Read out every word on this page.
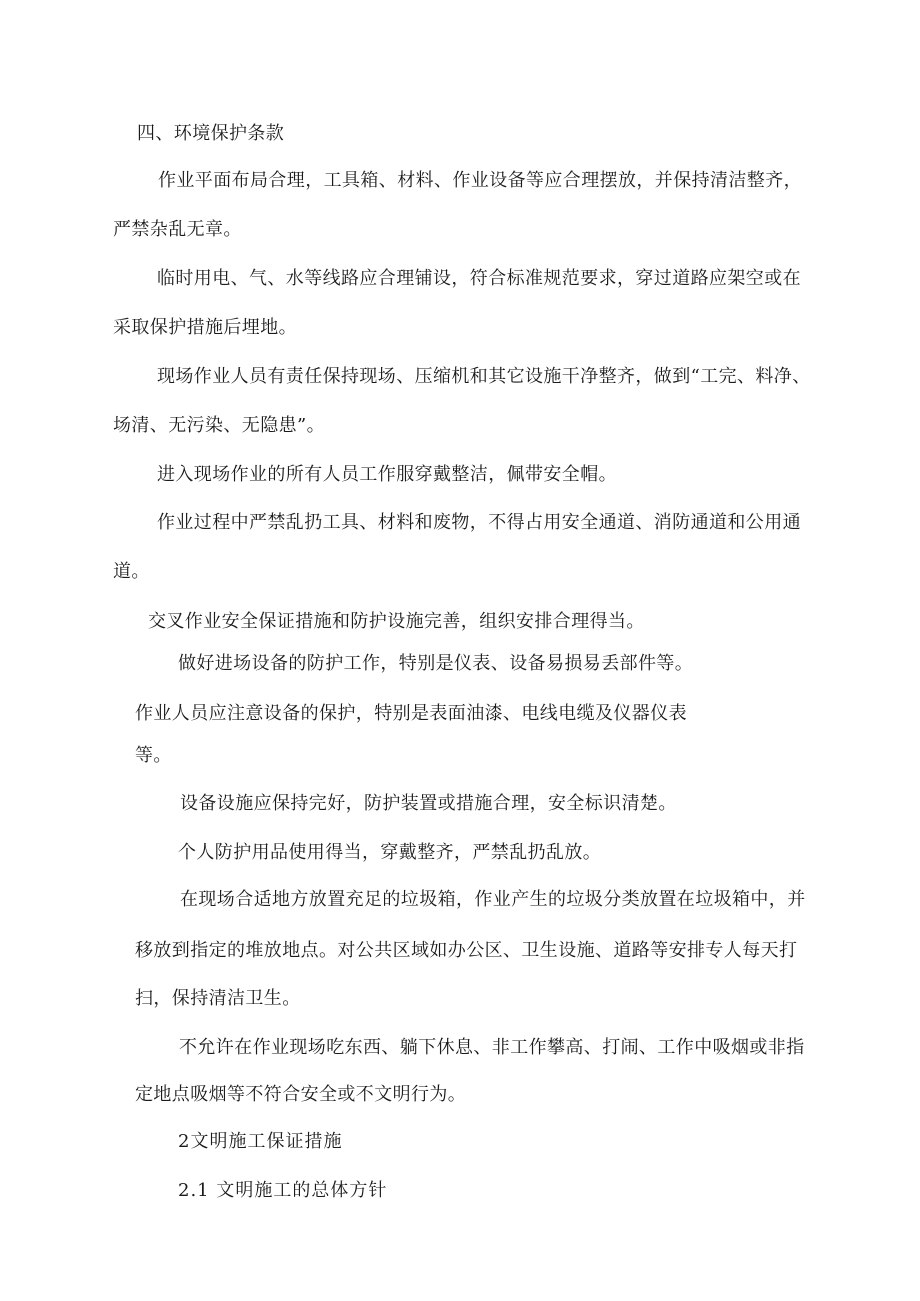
四、环境保护条款
作业平面布局合理，工具箱、材料、作业设备等应合理摆放，并保持清洁整齐，
严禁杂乱无章。
临时用电、气、水等线路应合理铺设，符合标准规范要求，穿过道路应架空或在
采取保护措施后埋地。
现场作业人员有责任保持现场、压缩机和其它设施干净整齐，做到“工完、料净、
场清、无污染、无隐患”。
进入现场作业的所有人员工作服穿戴整洁，佩带安全帽。
作业过程中严禁乱扔工具、材料和废物，不得占用安全通道、消防通道和公用通
道。
交叉作业安全保证措施和防护设施完善，组织安排合理得当。
做好进场设备的防护工作，特别是仪表、设备易损易丢部件等。
作业人员应注意设备的保护，特别是表面油漆、电线电缆及仪器仪表
等。
设备设施应保持完好，防护装置或措施合理，安全标识清楚。
个人防护用品使用得当，穿戴整齐，严禁乱扔乱放。
在现场合适地方放置充足的垃圾箱，作业产生的垃圾分类放置在垃圾箱中，并
移放到指定的堆放地点。对公共区域如办公区、卫生设施、道路等安排专人每天打
扫，保持清洁卫生。
不允许在作业现场吃东西、躺下休息、非工作攀高、打闹、工作中吸烟或非指
定地点吸烟等不符合安全或不文明行为。
2文明施工保证措施
2.1 文明施工的总体方针
